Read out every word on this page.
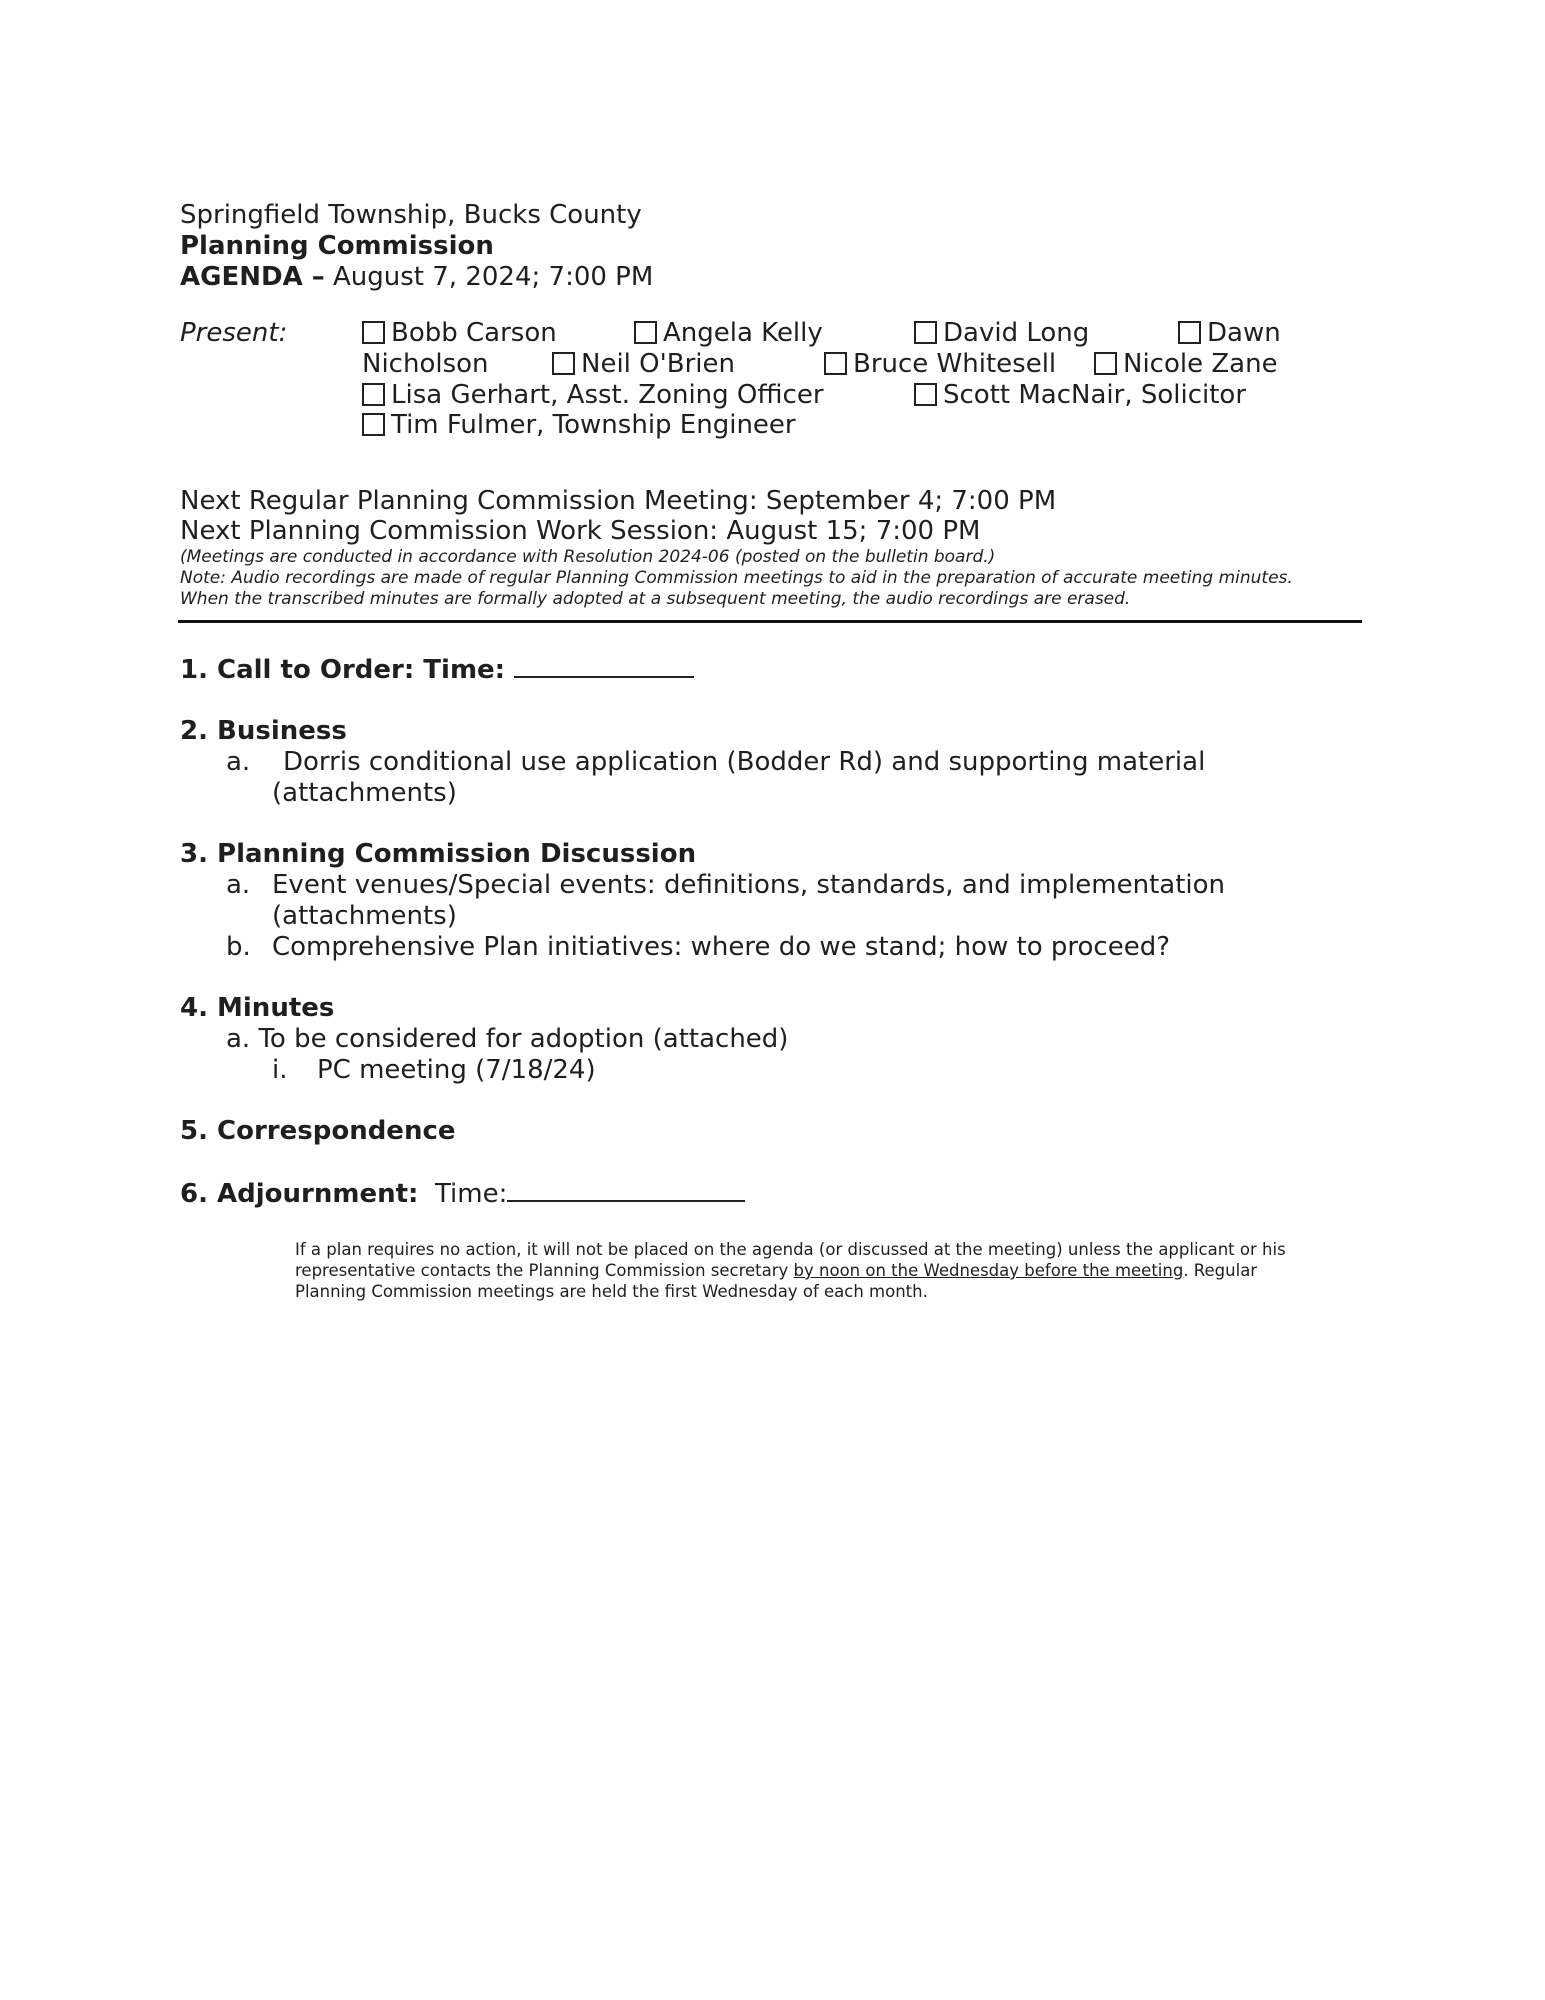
Springfield Township, Bucks County
Planning Commission
AGENDA – August 7, 2024; 7:00 PM
Present:	Bobb Carson	Angela Kelly	David Long	Dawn
Nicholson	Neil O'Brien	Bruce Whitesell	Nicole Zane
Lisa Gerhart, Asst. Zoning Officer	Scott MacNair, Solicitor
Tim Fulmer, Township Engineer
Next Regular Planning Commission Meeting: September 4; 7:00 PM
Next Planning Commission Work Session: August 15; 7:00 PM
(Meetings are conducted in accordance with Resolution 2024-06 (posted on the bulletin board.)
Note: Audio recordings are made of regular Planning Commission meetings to aid in the preparation of accurate meeting minutes.
When the transcribed minutes are formally adopted at a subsequent meeting, the audio recordings are erased.
1. Call to Order: Time:
2. Business
a. Dorris conditional use application (Bodder Rd) and supporting material
(attachments)
3. Planning Commission Discussion
a. Event venues/Special events: definitions, standards, and implementation
(attachments)
b. Comprehensive Plan initiatives: where do we stand; how to proceed?
4. Minutes
a. To be considered for adoption (attached)
i. PC meeting (7/18/24)
5. Correspondence
6. Adjournment: Time:
If a plan requires no action, it will not be placed on the agenda (or discussed at the meeting) unless the applicant or his
representative contacts the Planning Commission secretary by noon on the Wednesday before the meeting. Regular
Planning Commission meetings are held the first Wednesday of each month.
